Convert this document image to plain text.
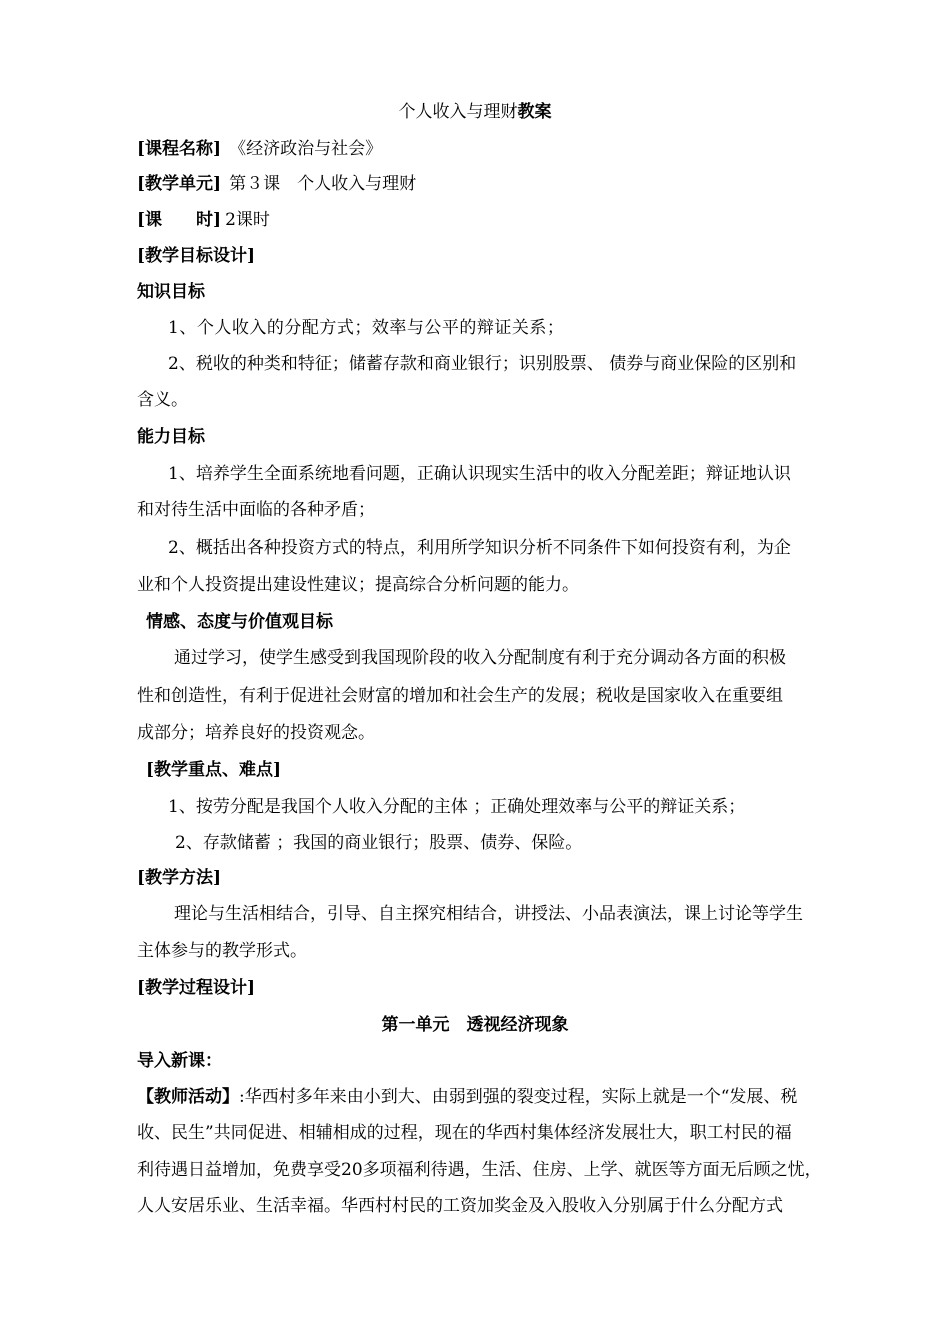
个人收入与理财教案
[课程名称] 《经济政治与社会》
[教学单元] 第３课　个人收入与理财
[课　　时] 2课时
[教学目标设计]
知识目标
1、个人收入的分配方式；效率与公平的辩证关系；
2、税收的种类和特征；储蓄存款和商业银行；识别股票、 债券与商业保险的区别和
含义。
能力目标
1、培养学生全面系统地看问题，正确认识现实生活中的收入分配差距；辩证地认识
和对待生活中面临的各种矛盾；
2、概括出各种投资方式的特点，利用所学知识分析不同条件下如何投资有利，为企
业和个人投资提出建设性建议；提高综合分析问题的能力。
情感、态度与价值观目标
通过学习，使学生感受到我国现阶段的收入分配制度有利于充分调动各方面的积极
性和创造性，有利于促进社会财富的增加和社会生产的发展；税收是国家收入在重要组
成部分；培养良好的投资观念。
[教学重点、难点]
1、按劳分配是我国个人收入分配的主体 ；正确处理效率与公平的辩证关系；
2、存款储蓄 ；我国的商业银行；股票、债券、保险。
[教学方法]
理论与生活相结合，引导、自主探究相结合，讲授法、小品表演法，课上讨论等学生
主体参与的教学形式。
[教学过程设计]
第一单元　透视经济现象
导入新课：
【教师活动】:华西村多年来由小到大、由弱到强的裂变过程，实际上就是一个“发展、税
收、民生”共同促进、相辅相成的过程，现在的华西村集体经济发展壮大，职工村民的福
利待遇日益增加，免费享受20多项福利待遇，生活、住房、上学、就医等方面无后顾之忧，
人人安居乐业、生活幸福。华西村村民的工资加奖金及入股收入分别属于什么分配方式
